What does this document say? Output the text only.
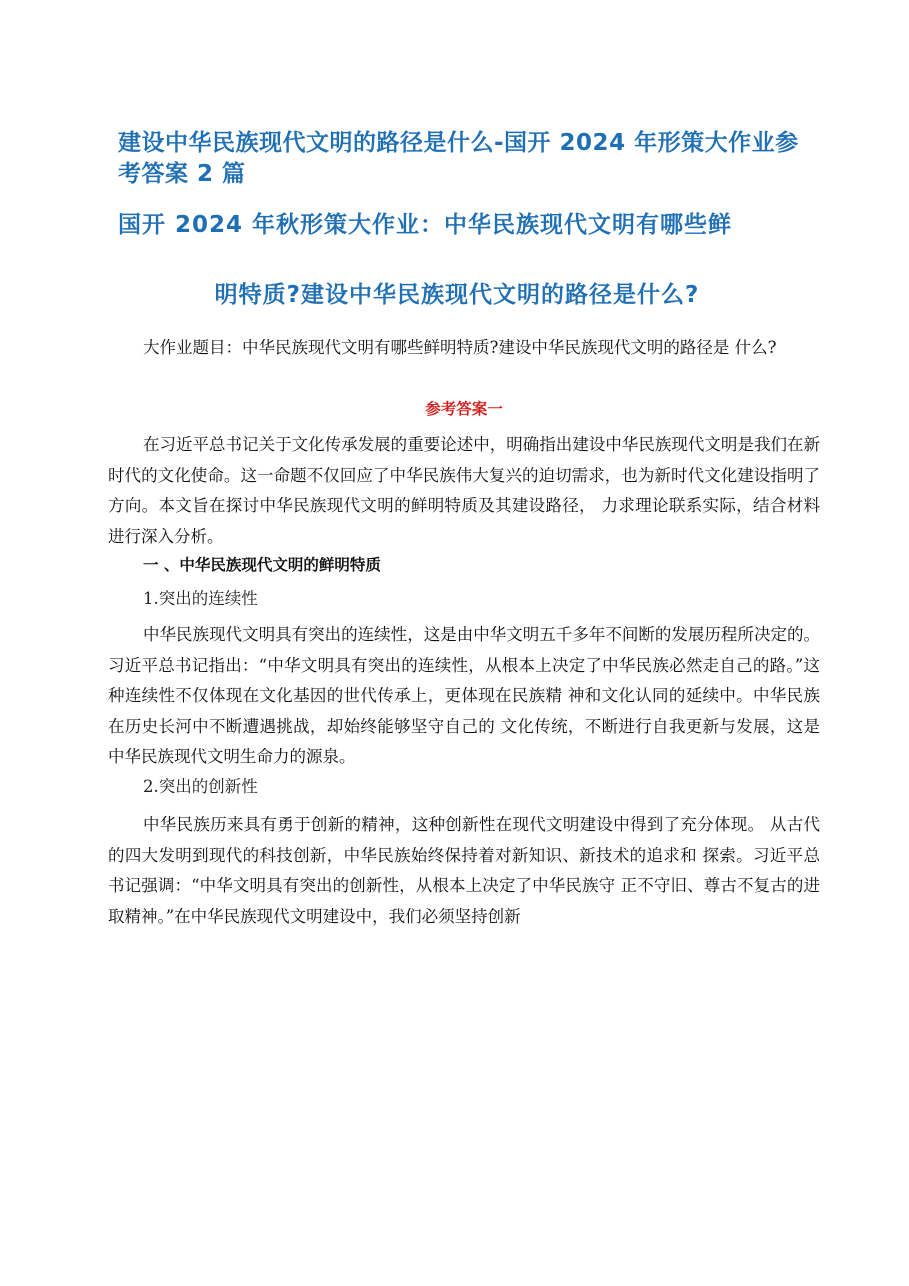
建设中华民族现代文明的路径是什么-国开 2024 年形策大作业参考答案 2 篇
国开 2024 年秋形策大作业：中华民族现代文明有哪些鲜
明特质?建设中华民族现代文明的路径是什么?

大作业题目：中华民族现代文明有哪些鲜明特质?建设中华民族现代文明的路径是 什么?

参考答案一

在习近平总书记关于文化传承发展的重要论述中，明确指出建设中华民族现代文明是我们在新时代的文化使命。这一命题不仅回应了中华民族伟大复兴的迫切需求，也为新时代文化建设指明了方向。本文旨在探讨中华民族现代文明的鲜明特质及其建设路径， 力求理论联系实际，结合材料进行深入分析。

一 、中华民族现代文明的鲜明特质

1.突出的连续性

中华民族现代文明具有突出的连续性，这是由中华文明五千多年不间断的发展历程所决定的。习近平总书记指出：“中华文明具有突出的连续性，从根本上决定了中华民族必然走自己的路。”这种连续性不仅体现在文化基因的世代传承上，更体现在民族精 神和文化认同的延续中。中华民族在历史长河中不断遭遇挑战，却始终能够坚守自己的 文化传统，不断进行自我更新与发展，这是中华民族现代文明生命力的源泉。

2.突出的创新性

中华民族历来具有勇于创新的精神，这种创新性在现代文明建设中得到了充分体现。 从古代的四大发明到现代的科技创新，中华民族始终保持着对新知识、新技术的追求和 探索。习近平总书记强调：“中华文明具有突出的创新性，从根本上决定了中华民族守 正不守旧、尊古不复古的进取精神。”在中华民族现代文明建设中，我们必须坚持创新
